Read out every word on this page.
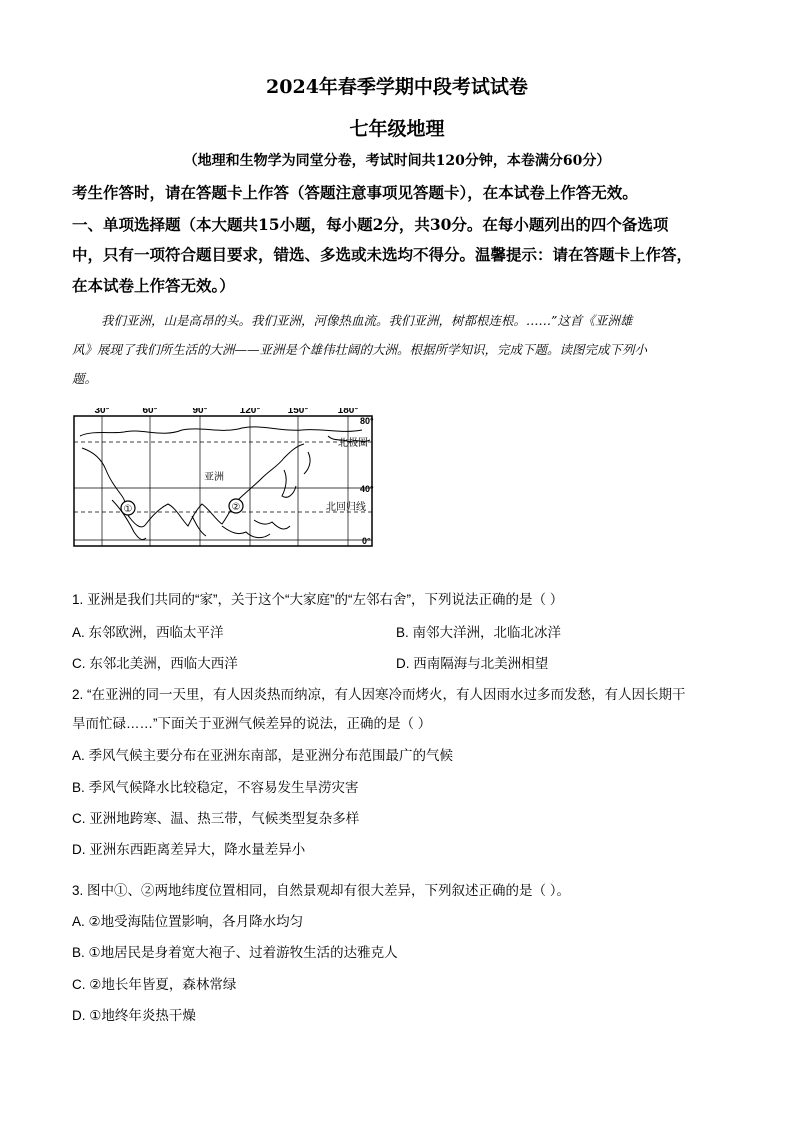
2024年春季学期中段考试试卷
七年级地理
（地理和生物学为同堂分卷，考试时间共120分钟，本卷满分60分）
考生作答时，请在答题卡上作答（答题注意事项见答题卡），在本试卷上作答无效。
一、单项选择题（本大题共15小题，每小题2分，共30分。在每小题列出的四个备选项
中，只有一项符合题目要求，错选、多选或未选均不得分。温馨提示：请在答题卡上作答，
在本试卷上作答无效。）
我们亚洲，山是高昂的头。我们亚洲，河像热血流。我们亚洲，树都根连根。……”这首《亚洲雄
风》展现了我们所生活的大洲——亚洲是个雄伟壮阔的大洲。根据所学知识，完成下题。读图完成下列小
题。
①	②
30°	60°	90°	120°	150°	180°
80°
40°
0°
亚洲
北极圈
北回归线
1. 亚洲是我们共同的“家”，关于这个“大家庭”的“左邻右舍”，下列说法正确的是（ ）
A. 东邻欧洲，西临太平洋	B. 南邻大洋洲，北临北冰洋
C. 东邻北美洲，西临大西洋	D. 西南隔海与北美洲相望
2. “在亚洲的同一天里，有人因炎热而纳凉，有人因寒冷而烤火，有人因雨水过多而发愁，有人因长期干
旱而忙碌……”下面关于亚洲气候差异的说法，正确的是（ ）
A. 季风气候主要分布在亚洲东南部，是亚洲分布范围最广的气候
B. 季风气候降水比较稳定，不容易发生旱涝灾害
C. 亚洲地跨寒、温、热三带，气候类型复杂多样
D. 亚洲东西距离差异大，降水量差异小
3. 图中①、②两地纬度位置相同，自然景观却有很大差异，下列叙述正确的是（ ）。
A. ②地受海陆位置影响，各月降水均匀
B. ①地居民是身着宽大袍子、过着游牧生活的达雅克人
C. ②地长年皆夏，森林常绿
D. ①地终年炎热干燥
